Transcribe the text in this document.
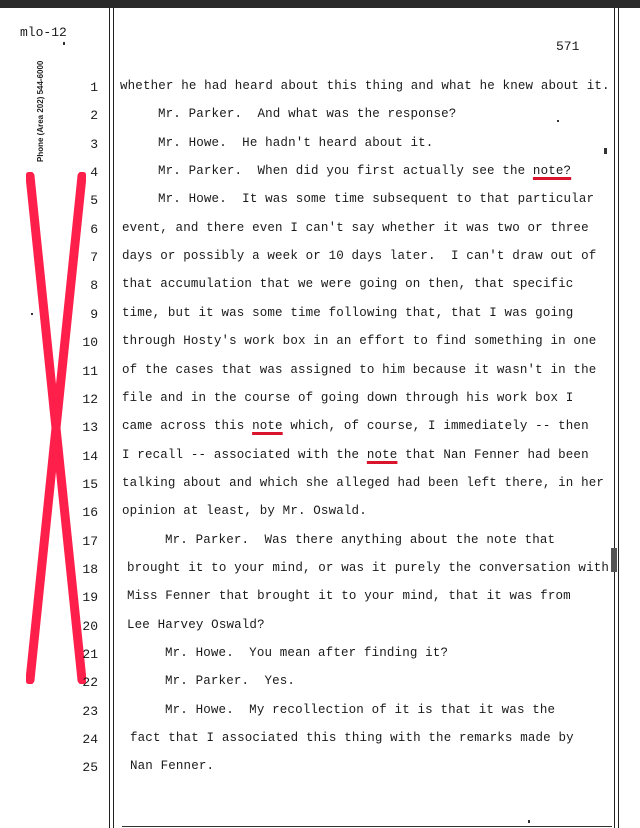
mlo-12
571
Phone (Area 202) 544-6000	1 whether he had heard about this thing and what he knew about it.
2	Mr. Parker.  And what was the response?
3	Mr. Howe.  He hadn't heard about it.
4	Mr. Parker.  When did you first actually see the note?
5	Mr. Howe.  It was some time subsequent to that particular
6 event, and there even I can't say whether it was two or three
7 days or possibly a week or 10 days later.  I can't draw out of
8 that accumulation that we were going on then, that specific
9 time, but it was some time following that, that I was going
10 through Hosty's work box in an effort to find something in one
11 of the cases that was assigned to him because it wasn't in the
12 file and in the course of going down through his work box I
13 came across this note which, of course, I immediately -- then
14 I recall -- associated with the note that Nan Fenner had been
15 talking about and which she alleged had been left there, in her
16 opinion at least, by Mr. Oswald.
17	Mr. Parker.  Was there anything about the note that
18 brought it to your mind, or was it purely the conversation with
19 Miss Fenner that brought it to your mind, that it was from
20 Lee Harvey Oswald?
21	Mr. Howe.  You mean after finding it?
22	Mr. Parker.  Yes.
23	Mr. Howe.  My recollection of it is that it was the
24	fact that I associated this thing with the remarks made by
25	Nan Fenner.
